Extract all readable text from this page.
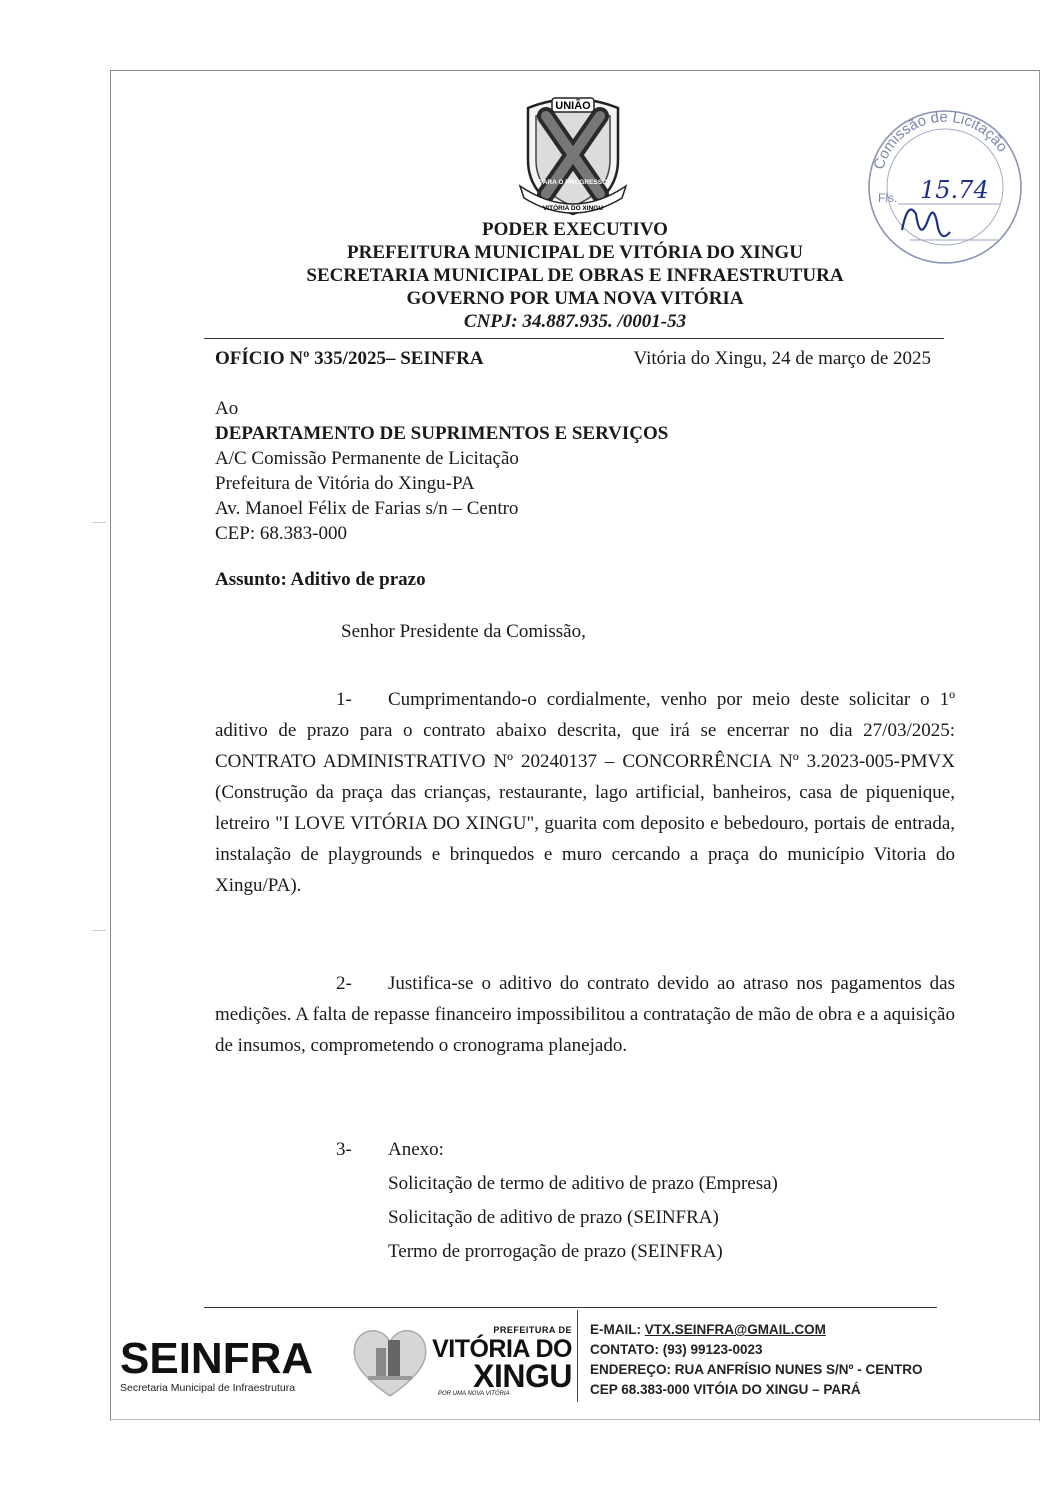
UNIÃO
VITÓRIA DO XINGU
PARA O PROGRESSO
Comissão de Licitação
Fls. 15.74
PODER EXECUTIVO
PREFEITURA MUNICIPAL DE VITÓRIA DO XINGU
SECRETARIA MUNICIPAL DE OBRAS E INFRAESTRUTURA
GOVERNO POR UMA NOVA VITÓRIA
CNPJ: 34.887.935. /0001-53
OFÍCIO Nº 335/2025– SEINFRA	Vitória do Xingu, 24 de março de 2025
Ao
DEPARTAMENTO DE SUPRIMENTOS E SERVIÇOS
A/C Comissão Permanente de Licitação
Prefeitura de Vitória do Xingu-PA
Av. Manoel Félix de Farias s/n – Centro
CEP: 68.383-000
Assunto: Aditivo de prazo
Senhor Presidente da Comissão,
1- Cumprimentando-o cordialmente, venho por meio deste solicitar o 1º aditivo de prazo para o contrato abaixo descrita, que irá se encerrar no dia 27/03/2025: CONTRATO ADMINISTRATIVO Nº 20240137 – CONCORRÊNCIA Nº 3.2023-005-PMVX (Construção da praça das crianças, restaurante, lago artificial, banheiros, casa de piquenique, letreiro "I LOVE VITÓRIA DO XINGU", guarita com deposito e bebedouro, portais de entrada, instalação de playgrounds e brinquedos e muro cercando a praça do município Vitoria do Xingu/PA).
2- Justifica-se o aditivo do contrato devido ao atraso nos pagamentos das medições. A falta de repasse financeiro impossibilitou a contratação de mão de obra e a aquisição de insumos, comprometendo o cronograma planejado.
3- Anexo:
Solicitação de termo de aditivo de prazo (Empresa)
Solicitação de aditivo de prazo (SEINFRA)
Termo de prorrogação de prazo (SEINFRA)
SEINFRA
Secretaria Municipal de Infraestrutura
PREFEITURA DE
VITÓRIA DO
XINGU
POR UMA NOVA VITÓRIA
E-MAIL: VTX.SEINFRA@GMAIL.COM
CONTATO: (93) 99123-0023
ENDEREÇO: RUA ANFRÍSIO NUNES S/Nº - CENTRO
CEP 68.383-000 VITÓIA DO XINGU – PARÁ
